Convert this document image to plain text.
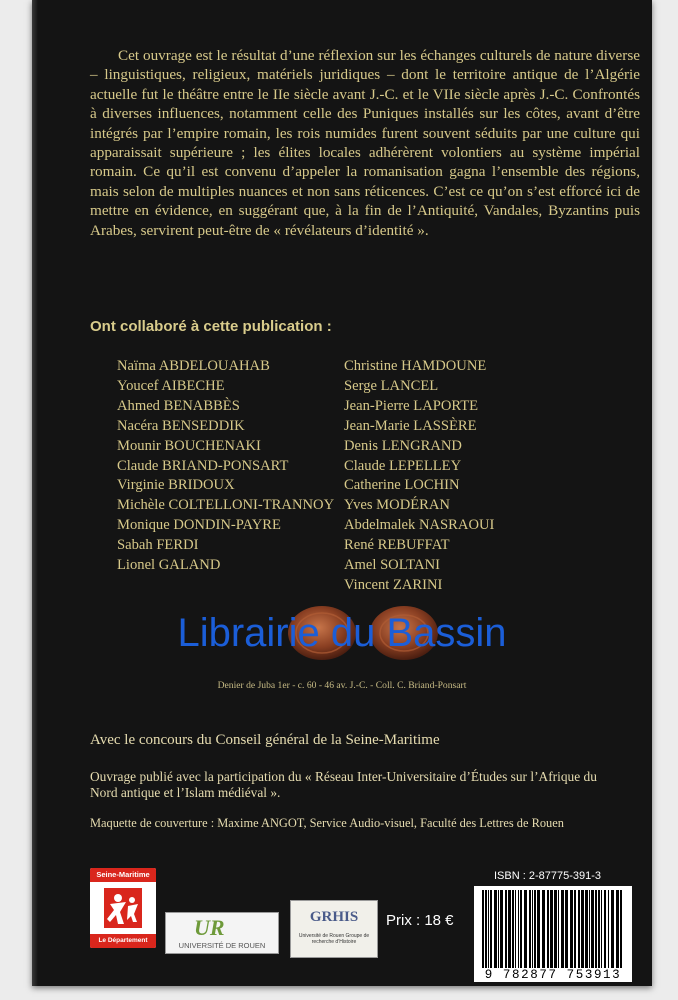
Cet ouvrage est le résultat d’une réflexion sur les échanges culturels de nature diverse – linguistiques, religieux, matériels juridiques – dont le territoire antique de l’Algérie actuelle fut le théâtre entre le IIe siècle avant J.-C. et le VIIe siècle après J.-C. Confrontés à diverses influences, notamment celle des Puniques installés sur les côtes, avant d’être intégrés par l’empire romain, les rois numides furent souvent séduits par une culture qui apparaissait supérieure ; les élites locales adhérèrent volontiers au système impérial romain. Ce qu’il est convenu d’appeler la romanisation gagna l’ensemble des régions, mais selon de multiples nuances et non sans réticences. C’est ce qu’on s’est efforcé ici de mettre en évidence, en suggérant que, à la fin de l’Antiquité, Vandales, Byzantins puis Arabes, servirent peut-être de « révélateurs d’identité ».

Ont collaboré à cette publication :

Naïma ABDELOUAHAB
Youcef AIBECHE
Ahmed BENABBÈS
Nacéra BENSEDDIK
Mounir BOUCHENAKI
Claude BRIAND-PONSART
Virginie BRIDOUX
Michèle COLTELLONI-TRANNOY
Monique DONDIN-PAYRE
Sabah FERDI
Lionel GALAND
Christine HAMDOUNE
Serge LANCEL
Jean-Pierre LAPORTE
Jean-Marie LASSÈRE
Denis LENGRAND
Claude LEPELLEY
Catherine LOCHIN
Yves MODÉRAN
Abdelmalek NASRAOUI
René REBUFFAT
Amel SOLTANI
Vincent ZARINI
Librairie du Bassin
Denier de Juba 1er - c. 60 - 46 av. J.-C. - Coll. C. Briand-Ponsart

Avec le concours du Conseil général de la Seine-Maritime

Ouvrage publié avec la participation du « Réseau Inter-Universitaire d’Études sur l’Afrique du Nord antique et l’Islam médiéval ».

Maquette de couverture : Maxime ANGOT, Service Audio-visuel, Faculté des Lettres de Rouen

Seine-Maritime
Le Département
UR
UNIVERSITÉ DE ROUEN
GRHIS
Université de Rouen Groupe de recherche d’Histoire
Prix : 18 €
ISBN : 2-87775-391-3
9 782877 753913
